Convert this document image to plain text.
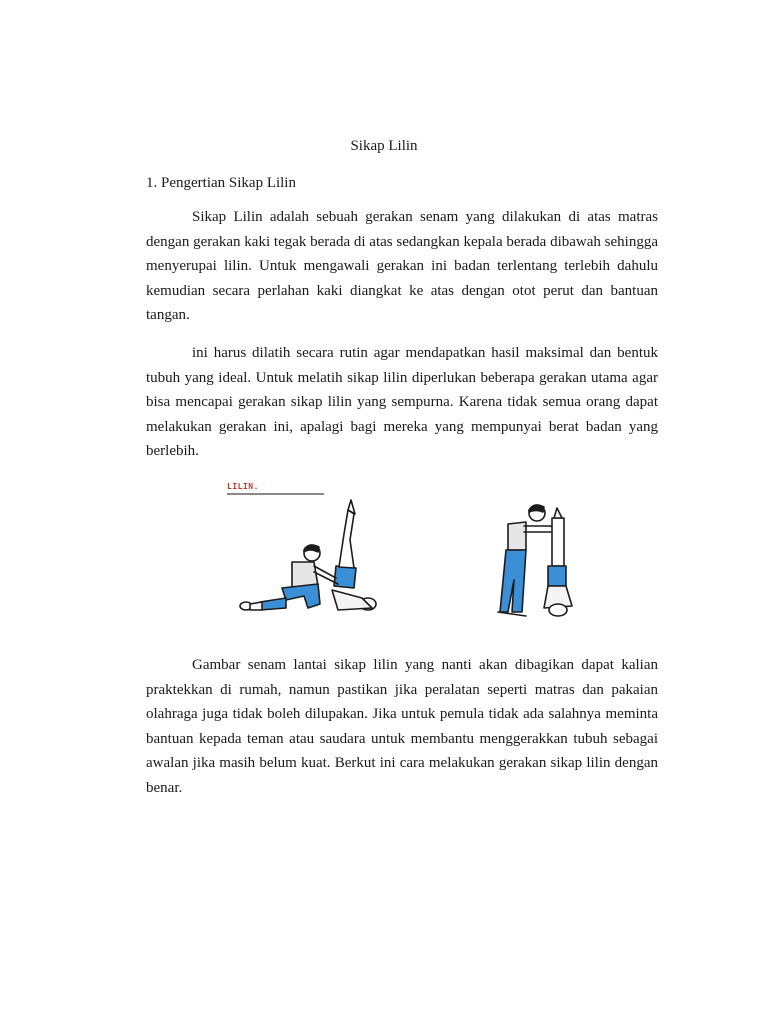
Sikap Lilin
1. Pengertian Sikap Lilin

Sikap Lilin adalah sebuah gerakan senam yang dilakukan di atas matras dengan gerakan kaki tegak berada di atas sedangkan kepala berada dibawah sehingga menyerupai lilin. Untuk mengawali gerakan ini badan terlentang terlebih dahulu kemudian secara perlahan kaki diangkat ke atas dengan otot perut dan bantuan tangan.

ini harus dilatih secara rutin agar mendapatkan hasil maksimal dan bentuk tubuh yang ideal. Untuk melatih sikap lilin diperlukan beberapa gerakan utama agar bisa mencapai gerakan sikap lilin yang sempurna. Karena tidak semua orang dapat melakukan gerakan ini, apalagi bagi mereka yang mempunyai berat badan yang berlebih.

LILIN.

Gambar senam lantai sikap lilin yang nanti akan dibagikan dapat kalian praktekkan di rumah, namun pastikan jika peralatan seperti matras dan pakaian olahraga juga tidak boleh dilupakan. Jika untuk pemula tidak ada salahnya meminta bantuan kepada teman atau saudara untuk membantu menggerakkan tubuh sebagai awalan jika masih belum kuat. Berkut ini cara melakukan gerakan sikap lilin dengan benar.
